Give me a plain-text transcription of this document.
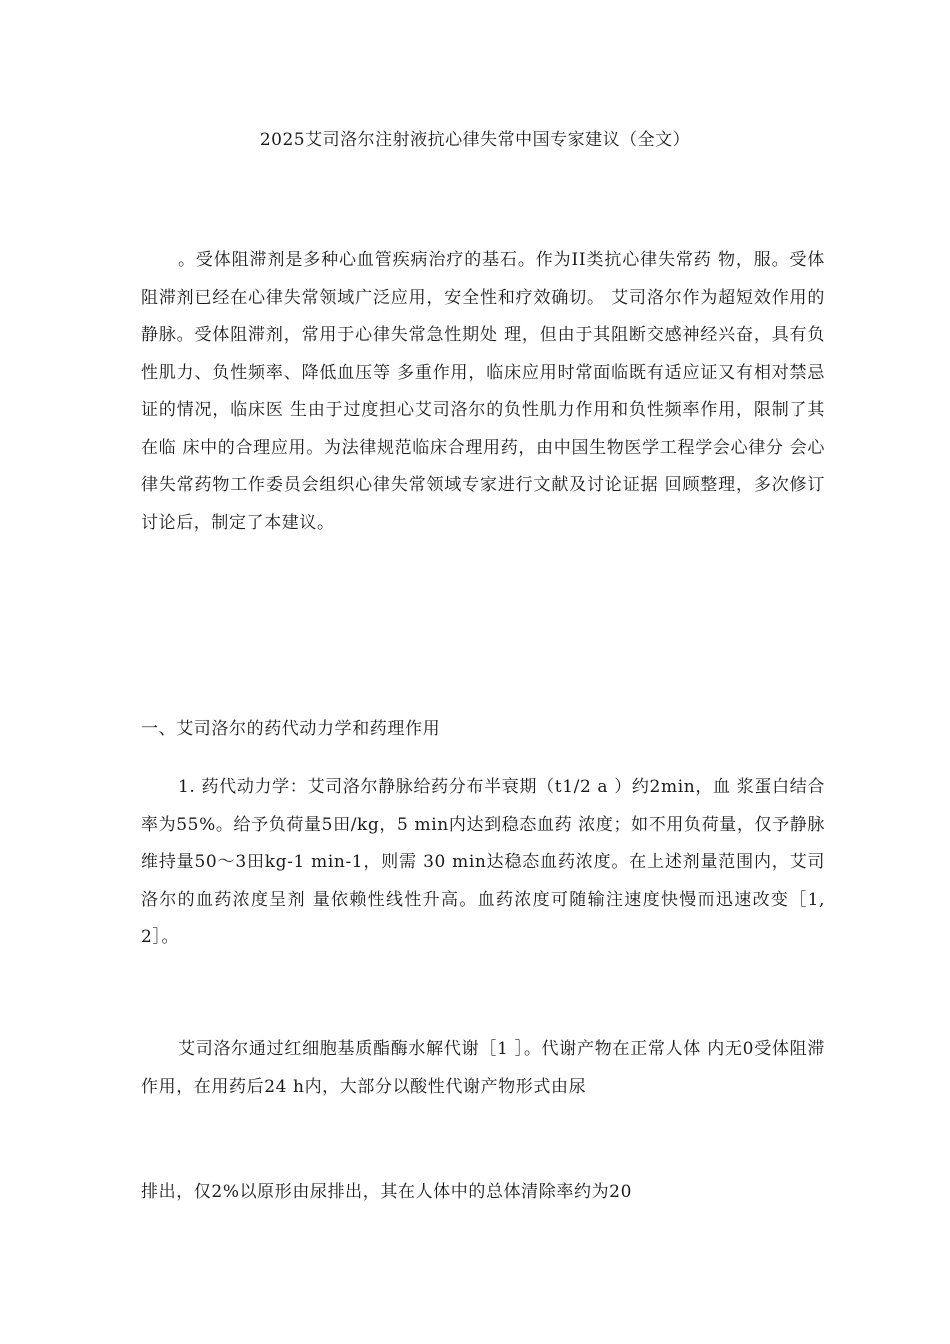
2025艾司洛尔注射液抗心律失常中国专家建议（全文）
。受体阻滞剂是多种心血管疾病治疗的基石。作为II类抗心律失常药 物，服。受体阻滞剂已经在心律失常领域广泛应用，安全性和疗效确切。 艾司洛尔作为超短效作用的静脉。受体阻滞剂，常用于心律失常急性期处 理，但由于其阻断交感神经兴奋，具有负性肌力、负性频率、降低血压等 多重作用，临床应用时常面临既有适应证又有相对禁忌证的情况，临床医 生由于过度担心艾司洛尔的负性肌力作用和负性频率作用，限制了其在临 床中的合理应用。为法律规范临床合理用药，由中国生物医学工程学会心律分 会心律失常药物工作委员会组织心律失常领域专家进行文献及讨论证据 回顾整理，多次修订讨论后，制定了本建议。
一、艾司洛尔的药代动力学和药理作用
1. 药代动力学：艾司洛尔静脉给药分布半衰期（t1/2 a ）约2min，血 浆蛋白结合率为55%。给予负荷量5田/kg，5 min内达到稳态血药 浓度；如不用负荷量，仅予静脉维持量50〜3田kg-1 min-1，则需 30 min达稳态血药浓度。在上述剂量范围内，艾司洛尔的血药浓度呈剂 量依赖性线性升高。血药浓度可随输注速度快慢而迅速改变［1, 2］。
艾司洛尔通过红细胞基质酯酶水解代谢［1 ］。代谢产物在正常人体 内无0受体阻滞作用，在用药后24 h内，大部分以酸性代谢产物形式由尿
排出，仅2%以原形由尿排出，其在人体中的总体清除率约为20
